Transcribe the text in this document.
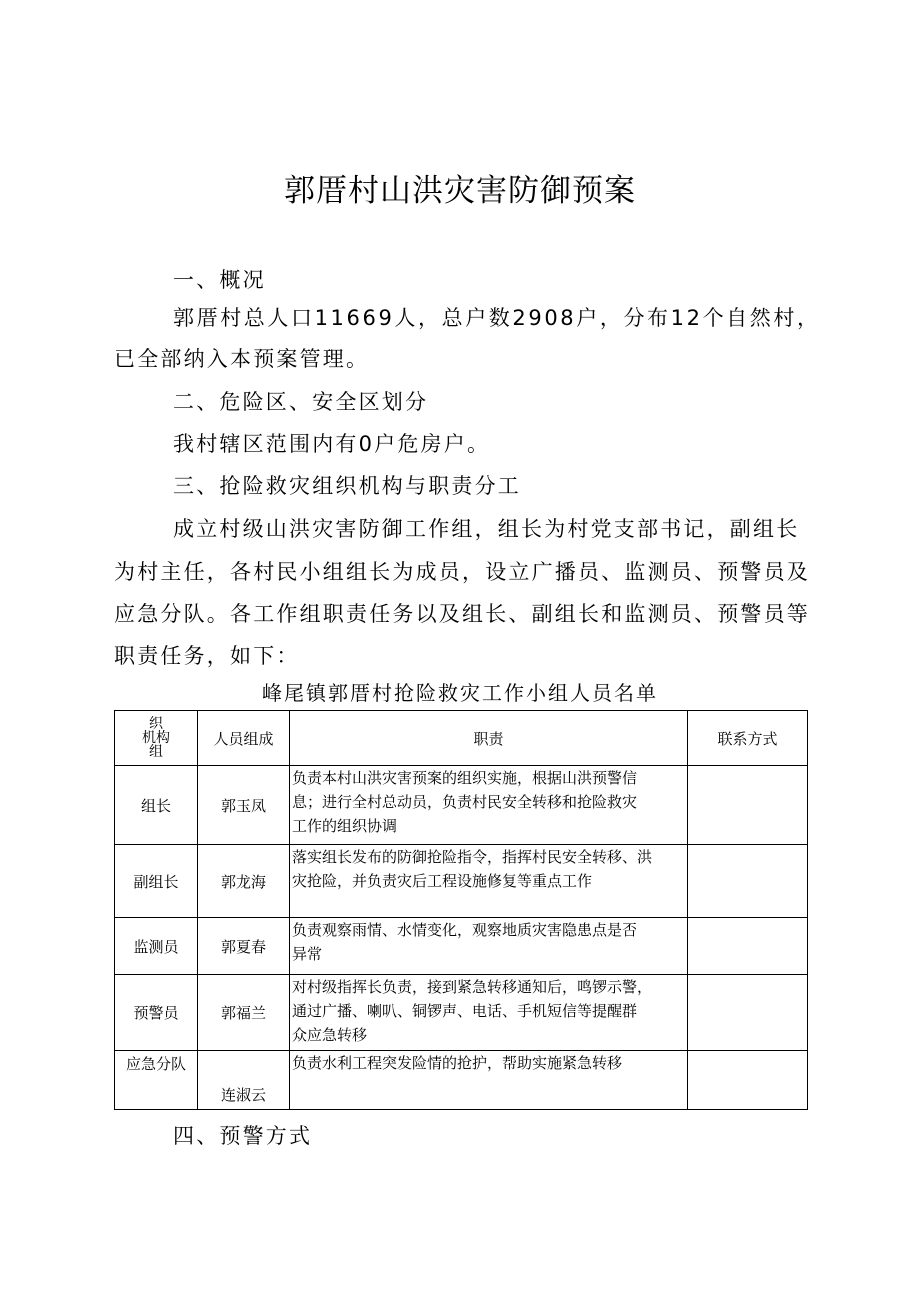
郭厝村山洪灾害防御预案
一、概况
郭厝村总人口11669人，总户数2908户，分布12个自然村，
已全部纳入本预案管理。
二、危险区、安全区划分
我村辖区范围内有0户危房户。
三、抢险救灾组织机构与职责分工
成立村级山洪灾害防御工作组，组长为村党支部书记，副组长
为村主任，各村民小组组长为成员，设立广播员、监测员、预警员及
应急分队。各工作组职责任务以及组长、副组长和监测员、预警员等
职责任务，如下：
峰尾镇郭厝村抢险救灾工作小组人员名单
织
机构
组	人员组成	职责	联系方式
组长	郭玉凤	负责本村山洪灾害预案的组织实施，根据山洪预警信
息；进行全村总动员，负责村民安全转移和抢险救灾
工作的组织协调	

副组长	郭龙海	落实组长发布的防御抢险指令，指挥村民安全转移、洪
灾抢险，并负责灾后工程设施修复等重点工作	

监测员	郭夏春	负责观察雨情、水情变化，观察地质灾害隐患点是否
异常	

预警员	郭福兰	对村级指挥长负责，接到紧急转移通知后，鸣锣示警，
通过广播、喇叭、铜锣声、电话、手机短信等提醒群
众应急转移	

应急分队	连淑云	负责水利工程突发险情的抢护，帮助实施紧急转移	

四、预警方式
